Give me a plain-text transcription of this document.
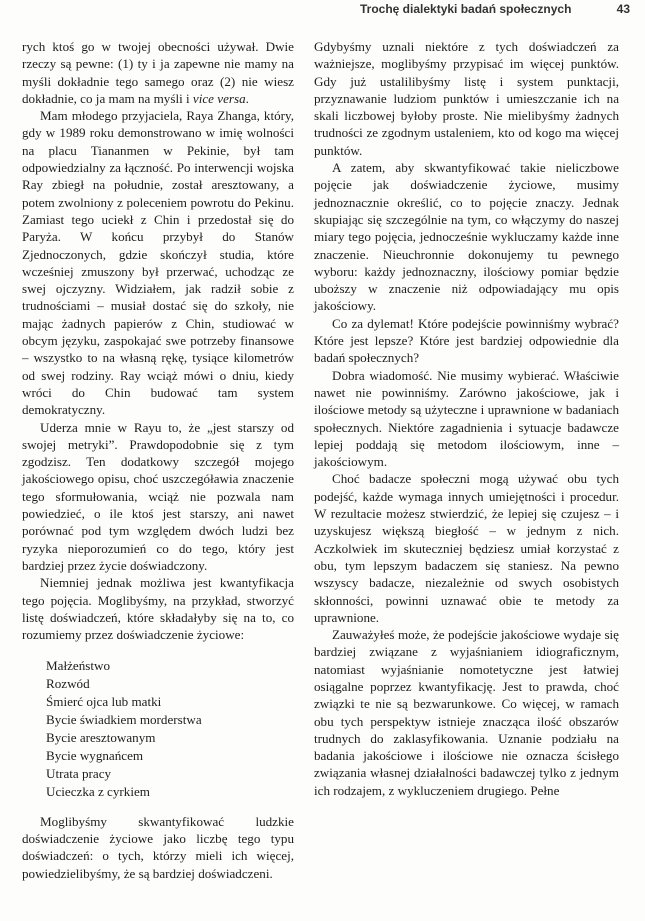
Trochę dialektyki badań społecznych	43

rych ktoś go w twojej obecności używał. Dwie rzeczy są pewne: (1) ty i ja zapewne nie mamy na myśli dokładnie tego samego oraz (2) nie wiesz dokładnie, co ja mam na myśli i vice versa.

Mam młodego przyjaciela, Raya Zhanga, który, gdy w 1989 roku demonstrowano w imię wolności na placu Tiananmen w Pekinie, był tam odpowiedzialny za łączność. Po interwencji wojska Ray zbiegł na południe, został aresztowany, a potem zwolniony z poleceniem powrotu do Pekinu. Zamiast tego uciekł z Chin i przedostał się do Paryża. W końcu przybył do Stanów Zjednoczonych, gdzie skończył studia, które wcześniej zmuszony był przerwać, uchodząc ze swej ojczyzny. Widziałem, jak radził sobie z trudnościami – musiał dostać się do szkoły, nie mając żadnych papierów z Chin, studiować w obcym języku, zaspokajać swe potrzeby finansowe – wszystko to na własną rękę, tysiące kilometrów od swej rodziny. Ray wciąż mówi o dniu, kiedy wróci do Chin budować tam system demokratyczny.

Uderza mnie w Rayu to, że „jest starszy od swojej metryki”. Prawdopodobnie się z tym zgodzisz. Ten dodatkowy szczegół mojego jakościowego opisu, choć uszczegóławia znaczenie tego sformułowania, wciąż nie pozwala nam powiedzieć, o ile ktoś jest starszy, ani nawet porównać pod tym względem dwóch ludzi bez ryzyka nieporozumień co do tego, który jest bardziej przez życie doświadczony.

Niemniej jednak możliwa jest kwantyfikacja tego pojęcia. Moglibyśmy, na przykład, stworzyć listę doświadczeń, które składałyby się na to, co rozumiemy przez doświadczenie życiowe:

Małżeństwo
Rozwód
Śmierć ojca lub matki
Bycie świadkiem morderstwa
Bycie aresztowanym
Bycie wygnańcem
Utrata pracy
Ucieczka z cyrkiem

Moglibyśmy skwantyfikować ludzkie doświadczenie życiowe jako liczbę tego typu doświadczeń: o tych, którzy mieli ich więcej, powiedzielibyśmy, że są bardziej doświadczeni.

Gdybyśmy uznali niektóre z tych doświadczeń za ważniejsze, moglibyśmy przypisać im więcej punktów. Gdy już ustalilibyśmy listę i system punktacji, przyznawanie ludziom punktów i umieszczanie ich na skali liczbowej byłoby proste. Nie mielibyśmy żadnych trudności ze zgodnym ustaleniem, kto od kogo ma więcej punktów.

A zatem, aby skwantyfikować takie nieliczbowe pojęcie jak doświadczenie życiowe, musimy jednoznacznie określić, co to pojęcie znaczy. Jednak skupiając się szczególnie na tym, co włączymy do naszej miary tego pojęcia, jednocześnie wykluczamy każde inne znaczenie. Nieuchronnie dokonujemy tu pewnego wyboru: każdy jednoznaczny, ilościowy pomiar będzie uboższy w znaczenie niż odpowiadający mu opis jakościowy.

Co za dylemat! Które podejście powinniśmy wybrać? Które jest lepsze? Które jest bardziej odpowiednie dla badań społecznych?

Dobra wiadomość. Nie musimy wybierać. Właściwie nawet nie powinniśmy. Zarówno jakościowe, jak i ilościowe metody są użyteczne i uprawnione w badaniach społecznych. Niektóre zagadnienia i sytuacje badawcze lepiej poddają się metodom ilościowym, inne – jakościowym.

Choć badacze społeczni mogą używać obu tych podejść, każde wymaga innych umiejętności i procedur. W rezultacie możesz stwierdzić, że lepiej się czujesz – i uzyskujesz większą biegłość – w jednym z nich. Aczkolwiek im skuteczniej będziesz umiał korzystać z obu, tym lepszym badaczem się staniesz. Na pewno wszyscy badacze, niezależnie od swych osobistych skłonności, powinni uznawać obie te metody za uprawnione.

Zauważyłeś może, że podejście jakościowe wydaje się bardziej związane z wyjaśnianiem idiograficznym, natomiast wyjaśnianie nomotetyczne jest łatwiej osiągalne poprzez kwantyfikację. Jest to prawda, choć związki te nie są bezwarunkowe. Co więcej, w ramach obu tych perspektyw istnieje znacząca ilość obszarów trudnych do zaklasyfikowania. Uznanie podziału na badania jakościowe i ilościowe nie oznacza ścisłego związania własnej działalności badawczej tylko z jednym ich rodzajem, z wykluczeniem drugiego. Pełne
